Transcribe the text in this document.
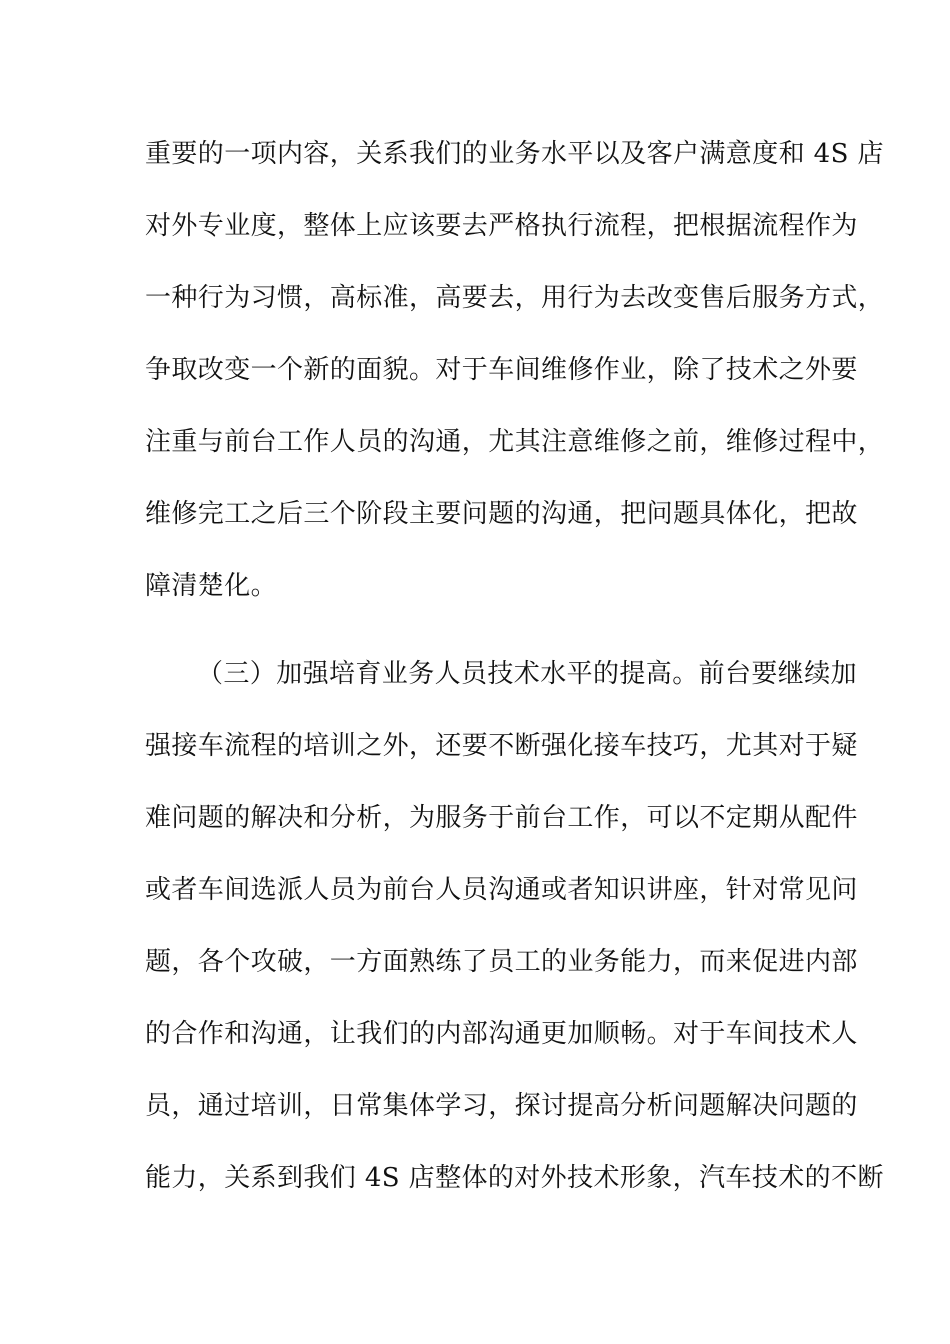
重要的一项内容，关系我们的业务水平以及客户满意度和 4S 店
对外专业度，整体上应该要去严格执行流程，把根据流程作为
一种行为习惯，高标准，高要去，用行为去改变售后服务方式，
争取改变一个新的面貌。对于车间维修作业，除了技术之外要
注重与前台工作人员的沟通，尤其注意维修之前，维修过程中，
维修完工之后三个阶段主要问题的沟通，把问题具体化，把故
障清楚化。
（三）加强培育业务人员技术水平的提高。前台要继续加
强接车流程的培训之外，还要不断强化接车技巧，尤其对于疑
难问题的解决和分析，为服务于前台工作，可以不定期从配件
或者车间选派人员为前台人员沟通或者知识讲座，针对常见问
题，各个攻破，一方面熟练了员工的业务能力，而来促进内部
的合作和沟通，让我们的内部沟通更加顺畅。对于车间技术人
员，通过培训，日常集体学习，探讨提高分析问题解决问题的
能力，关系到我们 4S 店整体的对外技术形象，汽车技术的不断
